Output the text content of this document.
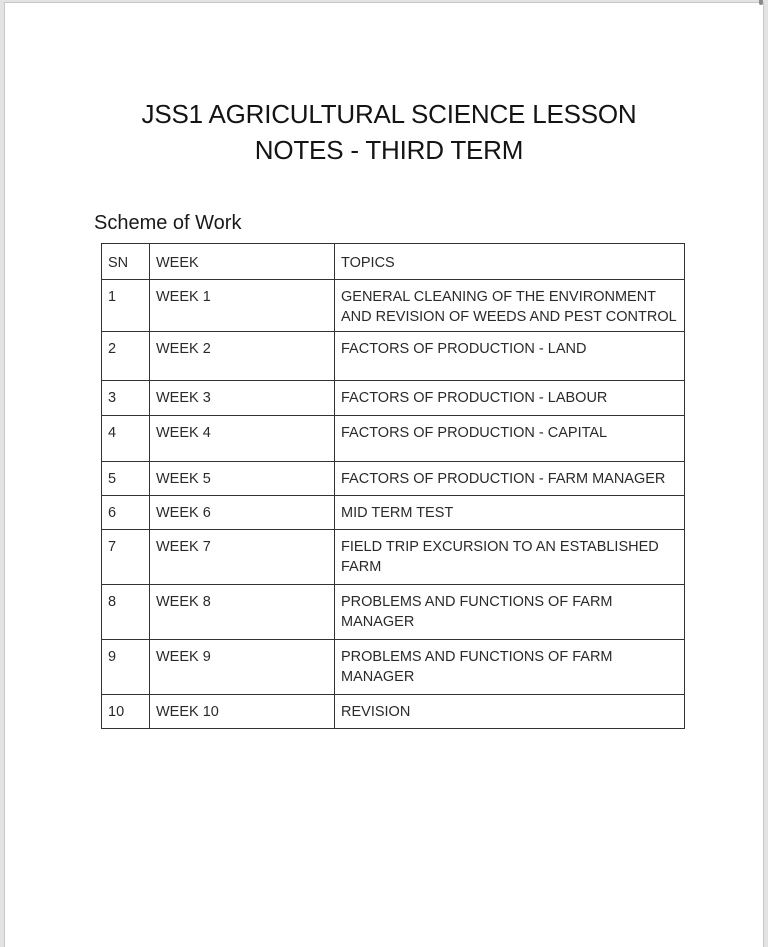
JSS1 AGRICULTURAL SCIENCE LESSON
NOTES - THIRD TERM
Scheme of Work
SN	WEEK	TOPICS
1	WEEK 1	GENERAL CLEANING OF THE ENVIRONMENT AND REVISION OF WEEDS AND PEST CONTROL
2	WEEK 2	FACTORS OF PRODUCTION - LAND
3	WEEK 3	FACTORS OF PRODUCTION - LABOUR
4	WEEK 4	FACTORS OF PRODUCTION - CAPITAL
5	WEEK 5	FACTORS OF PRODUCTION - FARM MANAGER
6	WEEK 6	MID TERM TEST
7	WEEK 7	FIELD TRIP EXCURSION TO AN ESTABLISHED FARM
8	WEEK 8	PROBLEMS AND FUNCTIONS OF FARM MANAGER
9	WEEK 9	PROBLEMS AND FUNCTIONS OF FARM MANAGER
10	WEEK 10	REVISION
